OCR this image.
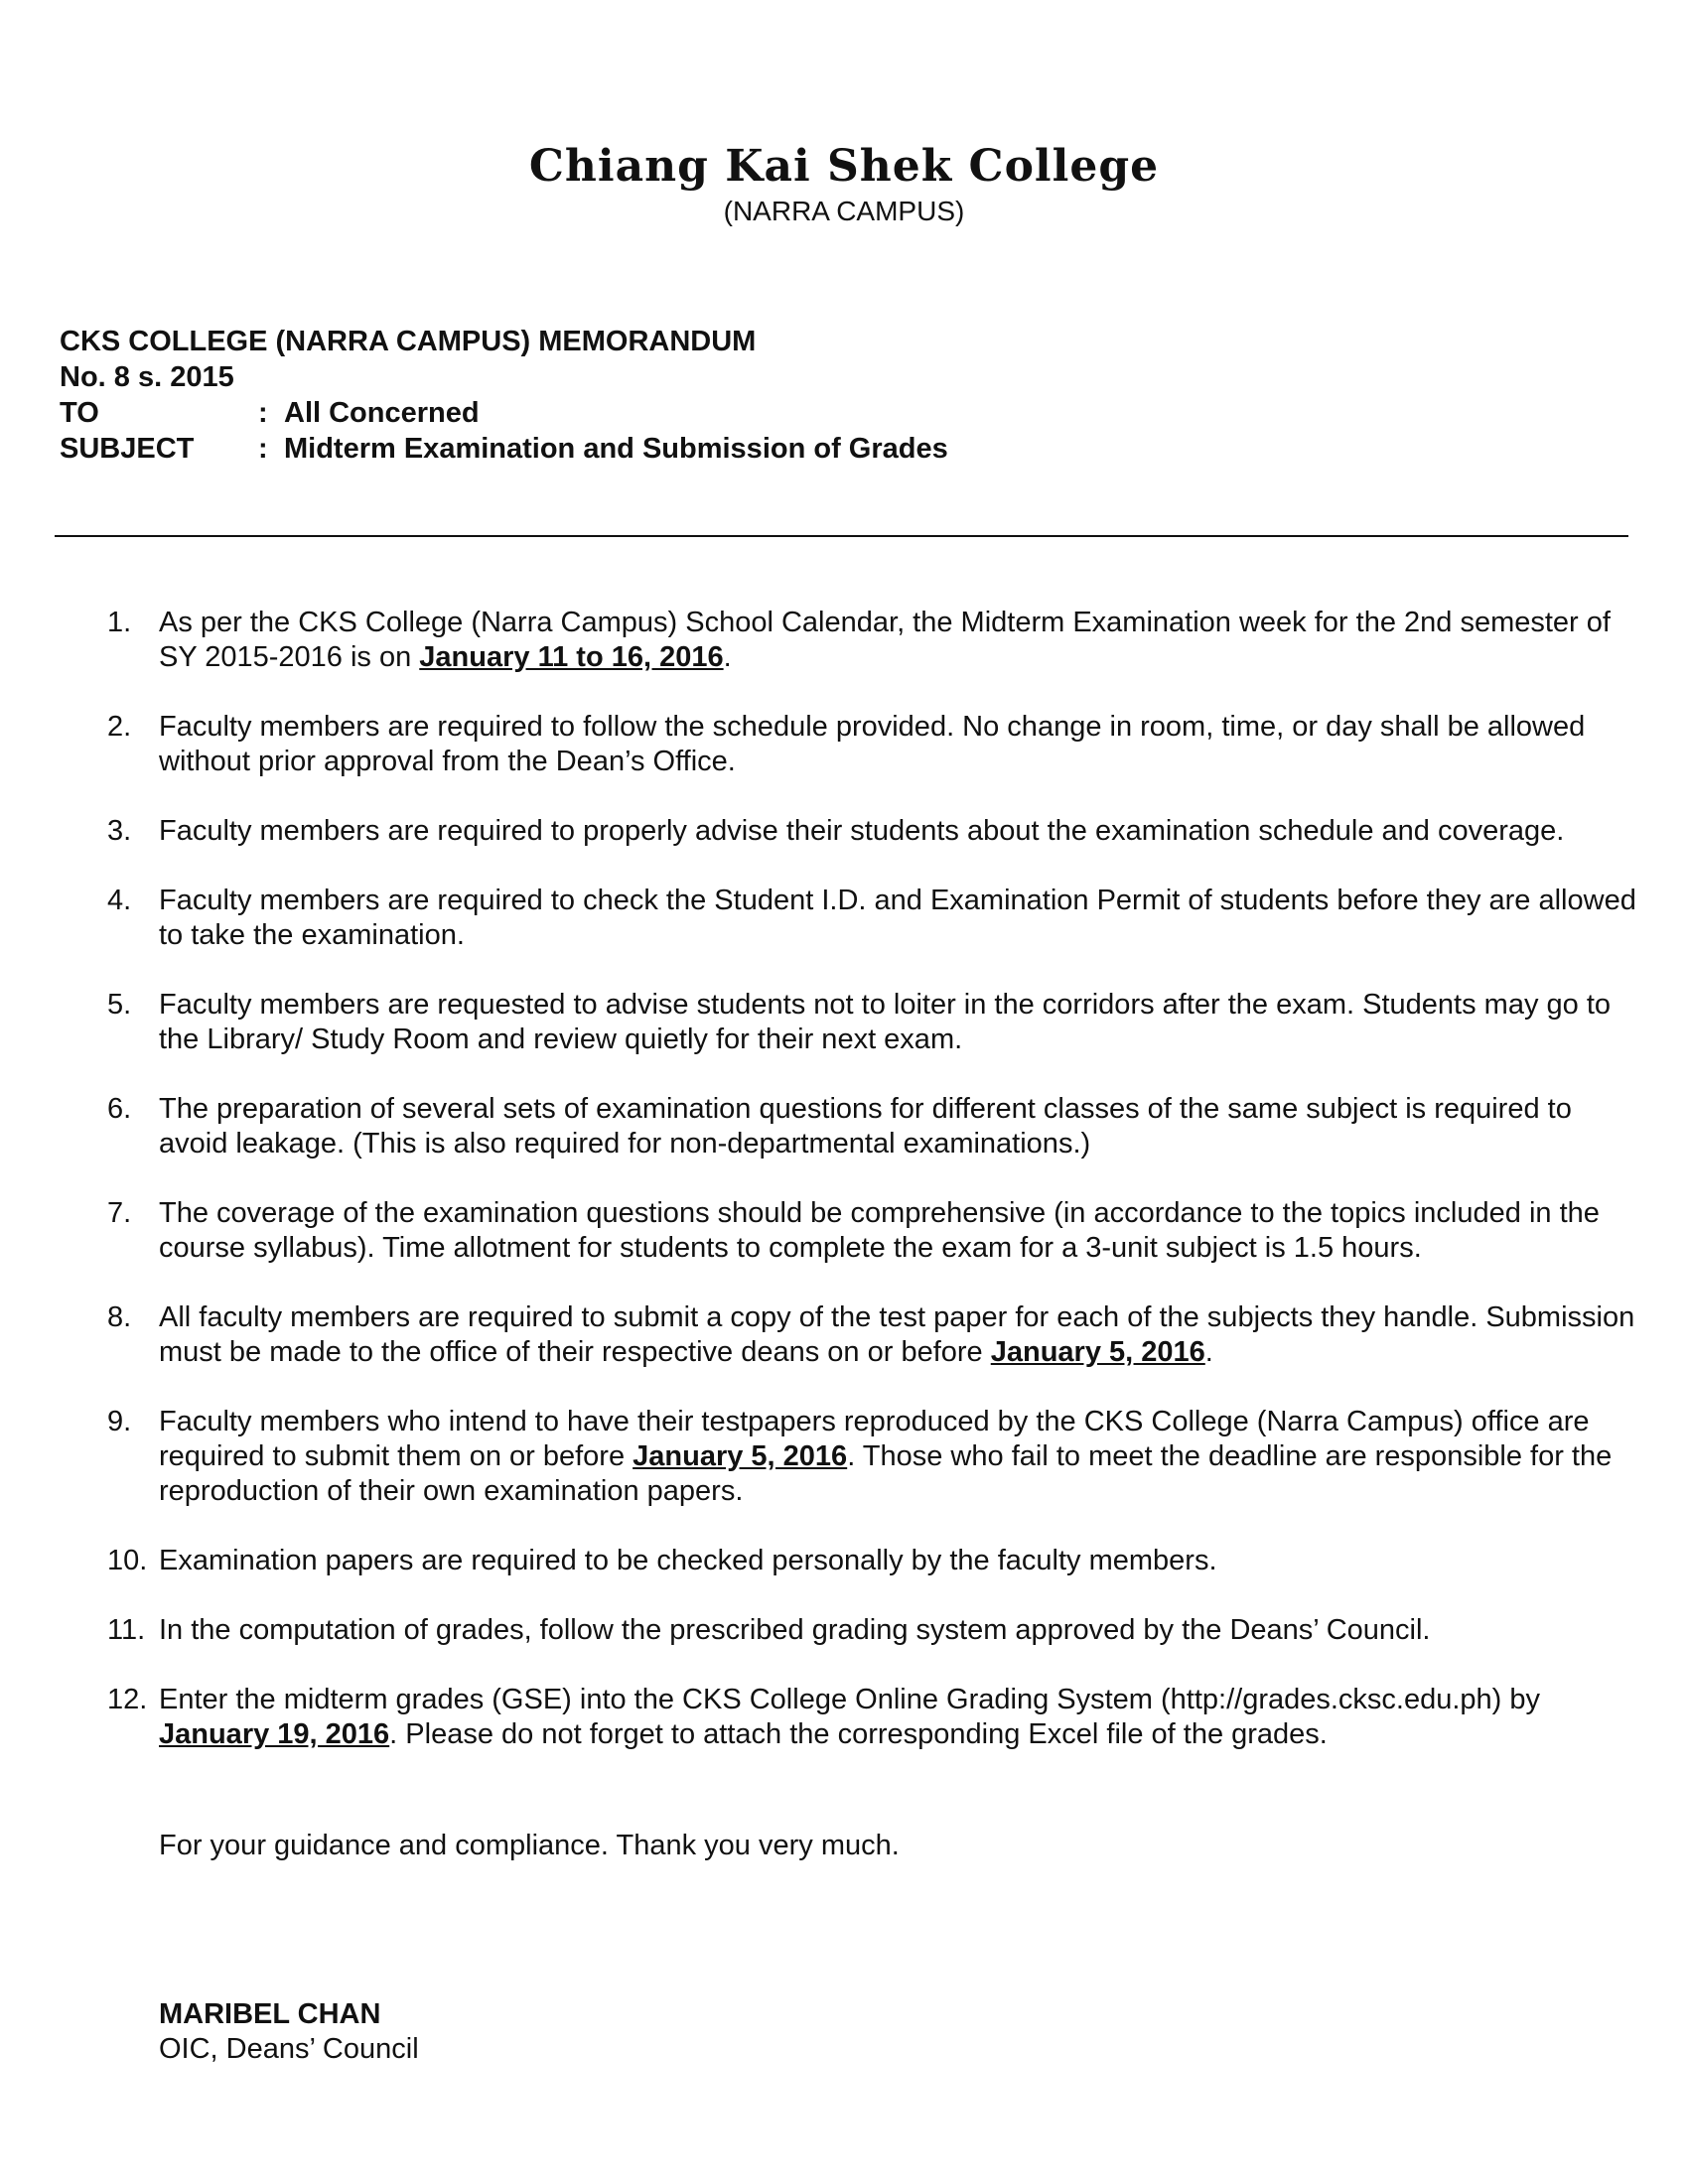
Chiang Kai Shek College
(NARRA CAMPUS)
CKS COLLEGE (NARRA CAMPUS) MEMORANDUM
No. 8 s. 2015
TO	: All Concerned
SUBJECT	: Midterm Examination and Submission of Grades
1. As per the CKS College (Narra Campus) School Calendar, the Midterm Examination week for the 2nd semester of SY 2015-2016 is on January 11 to 16, 2016.
2. Faculty members are required to follow the schedule provided. No change in room, time, or day shall be allowed without prior approval from the Dean’s Office.
3. Faculty members are required to properly advise their students about the examination schedule and coverage.
4. Faculty members are required to check the Student I.D. and Examination Permit of students before they are allowed to take the examination.
5. Faculty members are requested to advise students not to loiter in the corridors after the exam. Students may go to the Library/ Study Room and review quietly for their next exam.
6. The preparation of several sets of examination questions for different classes of the same subject is required to avoid leakage. (This is also required for non-departmental examinations.)
7. The coverage of the examination questions should be comprehensive (in accordance to the topics included in the course syllabus). Time allotment for students to complete the exam for a 3-unit subject is 1.5 hours.
8. All faculty members are required to submit a copy of the test paper for each of the subjects they handle. Submission must be made to the office of their respective deans on or before January 5, 2016.
9. Faculty members who intend to have their testpapers reproduced by the CKS College (Narra Campus) office are required to submit them on or before January 5, 2016. Those who fail to meet the deadline are responsible for the reproduction of their own examination papers.
10. Examination papers are required to be checked personally by the faculty members.
11. In the computation of grades, follow the prescribed grading system approved by the Deans’ Council.
12. Enter the midterm grades (GSE) into the CKS College Online Grading System (http://grades.cksc.edu.ph) by January 19, 2016. Please do not forget to attach the corresponding Excel file of the grades.
For your guidance and compliance. Thank you very much.
MARIBEL CHAN
OIC, Deans’ Council
